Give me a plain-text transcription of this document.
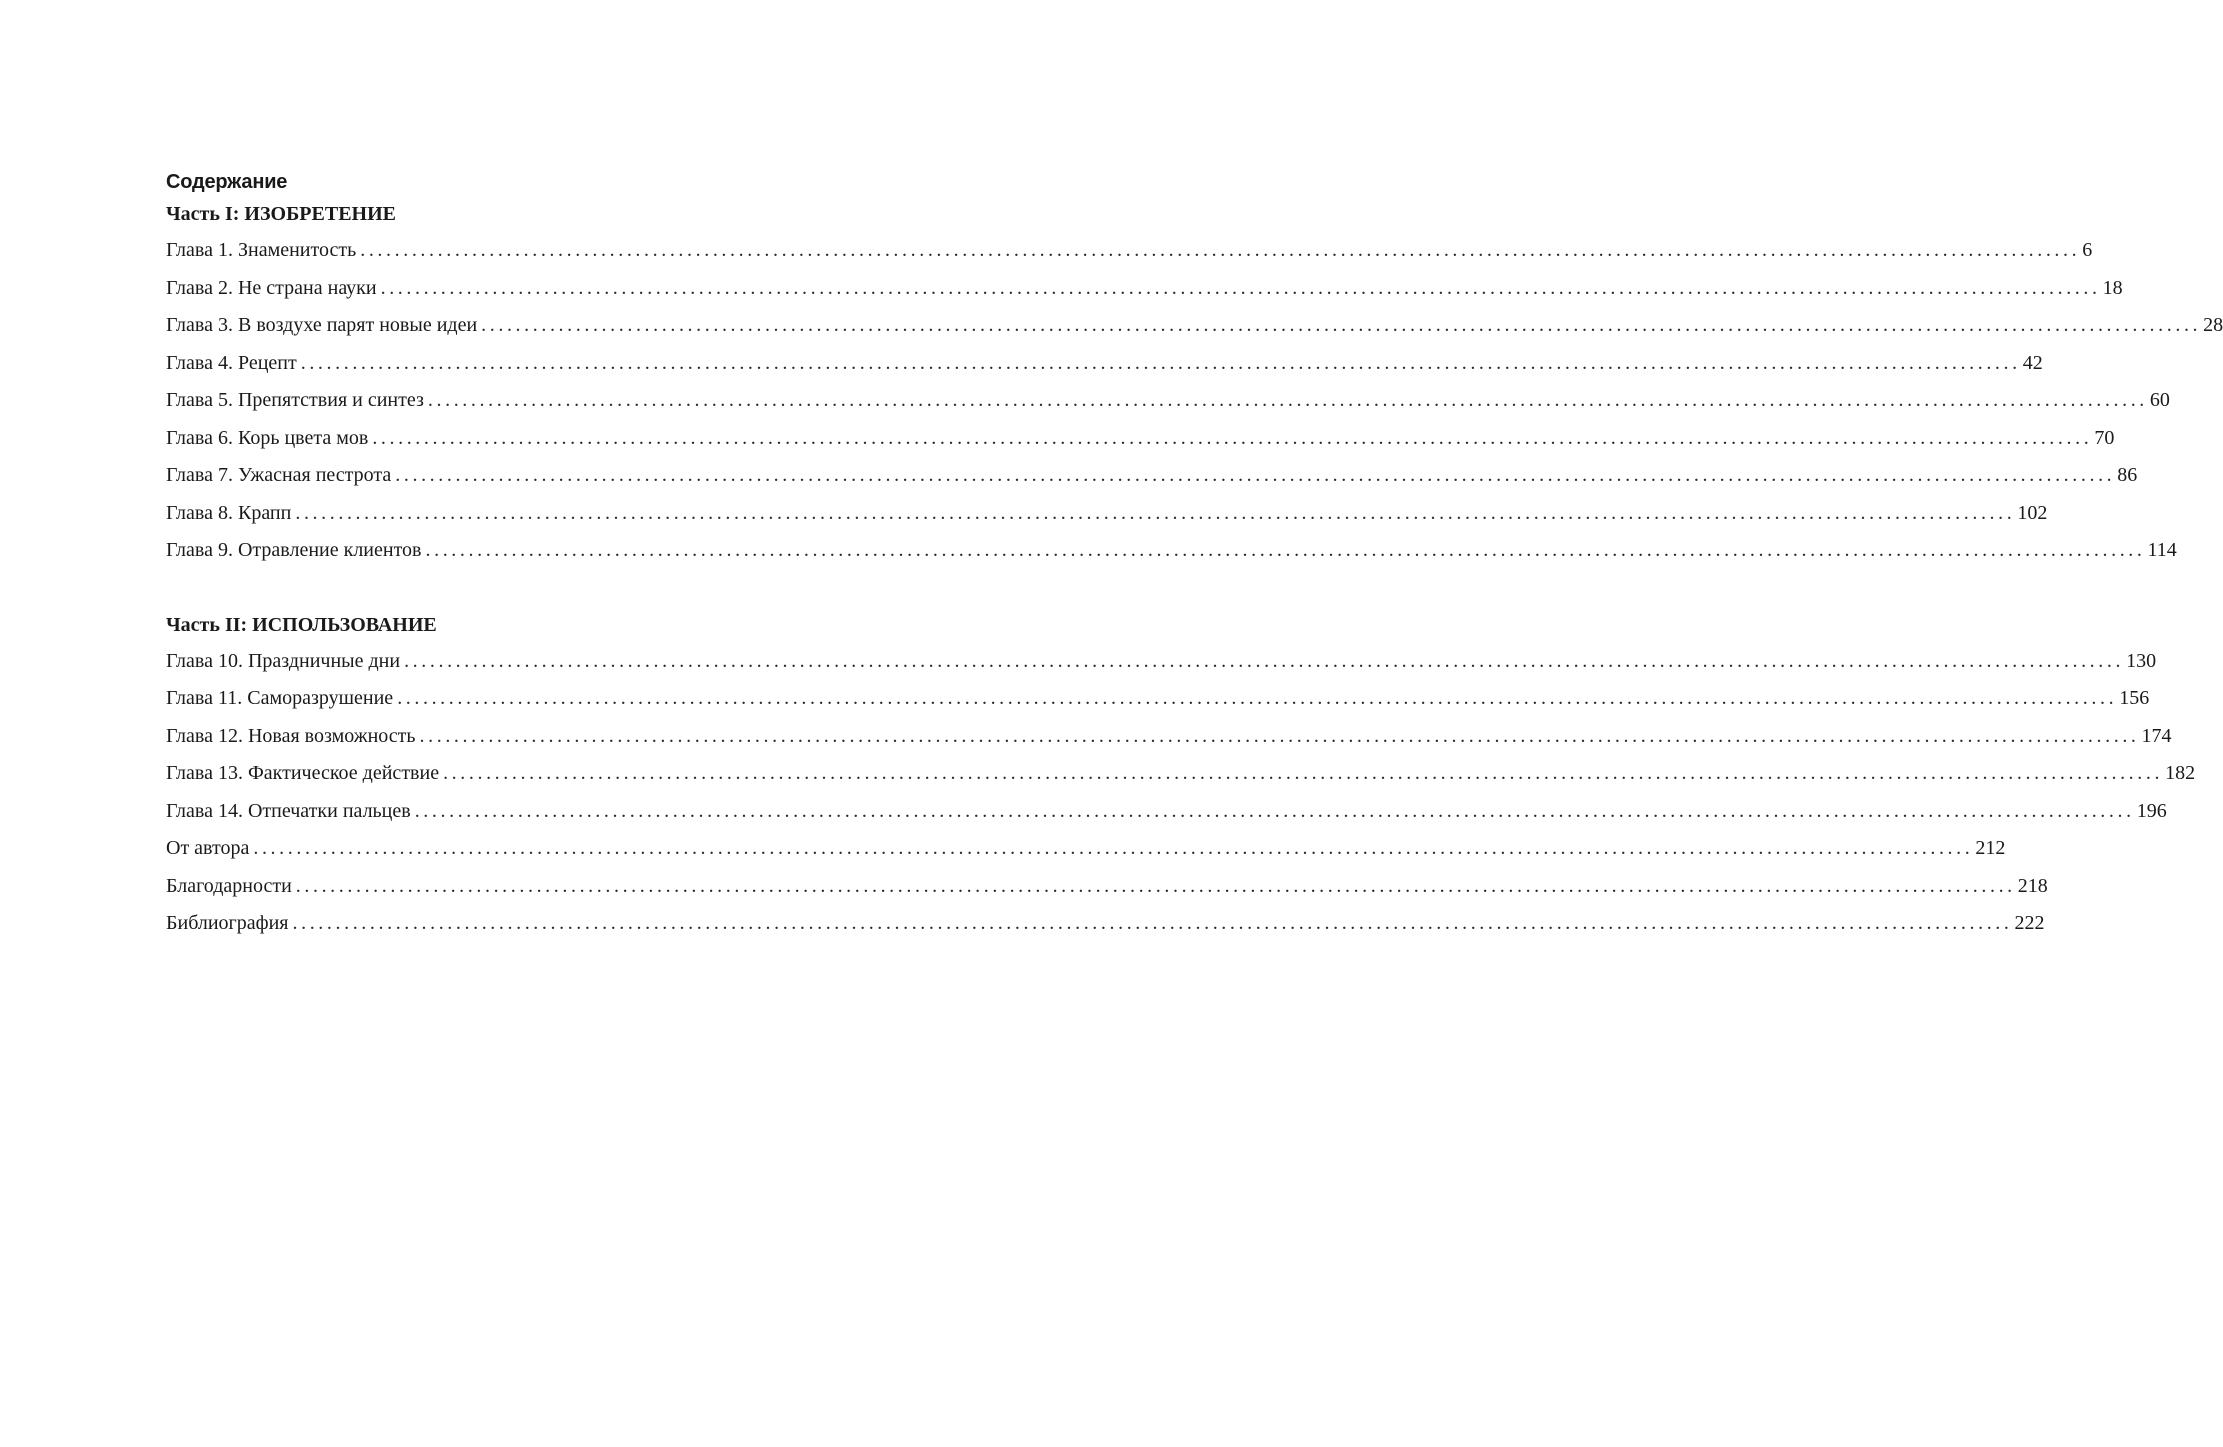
Содержание
Часть I: ИЗОБРЕТЕНИЕ
Глава 1. Знаменитость ........................................................................................................................................................................................................ 6
Глава 2. Не страна науки ........................................................................................................................................................................................................ 18
Глава 3. В воздухе парят новые идеи ........................................................................................................................................................................................................ 28
Глава 4. Рецепт ........................................................................................................................................................................................................ 42
Глава 5. Препятствия и синтез ........................................................................................................................................................................................................ 60
Глава 6. Корь цвета мов ........................................................................................................................................................................................................ 70
Глава 7. Ужасная пестрота ........................................................................................................................................................................................................ 86
Глава 8. Крапп ........................................................................................................................................................................................................ 102
Глава 9. Отравление клиентов ........................................................................................................................................................................................................ 114
Часть II: ИСПОЛЬЗОВАНИЕ
Глава 10. Праздничные дни ........................................................................................................................................................................................................ 130
Глава 11. Саморазрушение ........................................................................................................................................................................................................ 156
Глава 12. Новая возможность ........................................................................................................................................................................................................ 174
Глава 13. Фактическое действие ........................................................................................................................................................................................................ 182
Глава 14. Отпечатки пальцев ........................................................................................................................................................................................................ 196
От автора ........................................................................................................................................................................................................ 212
Благодарности ........................................................................................................................................................................................................ 218
Библиография ........................................................................................................................................................................................................ 222
